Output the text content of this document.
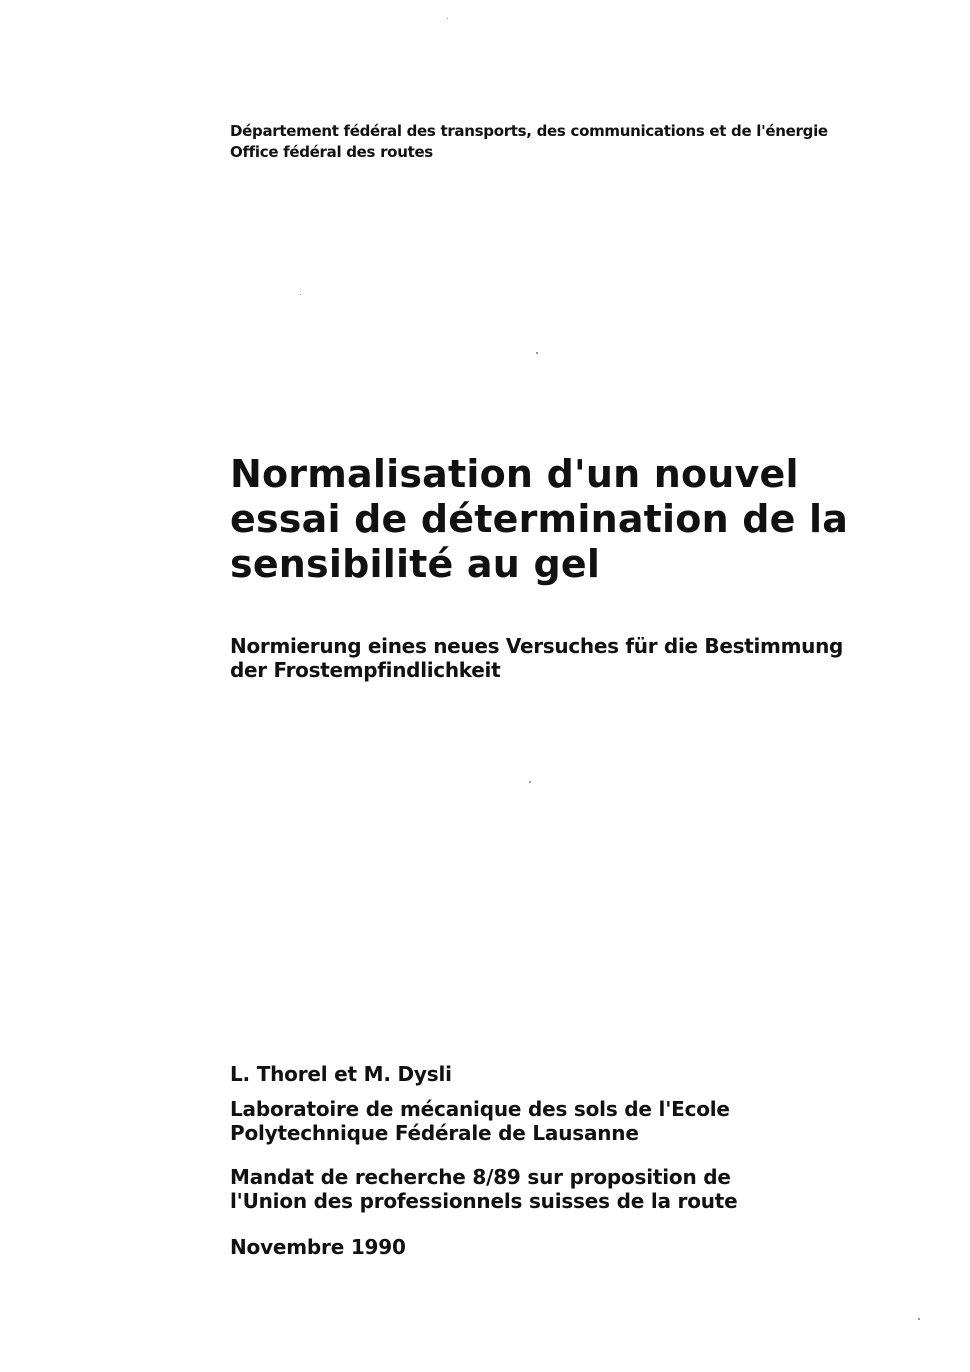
Département fédéral des transports, des communications et de l'énergie
Office fédéral des routes
Normalisation d'un nouvel
essai de détermination de la
sensibilité au gel
Normierung eines neues Versuches für die Bestimmung
der Frostempfindlichkeit
L. Thorel et M. Dysli
Laboratoire de mécanique des sols de l'Ecole
Polytechnique Fédérale de Lausanne
Mandat de recherche 8/89 sur proposition de
l'Union des professionnels suisses de la route
Novembre 1990
